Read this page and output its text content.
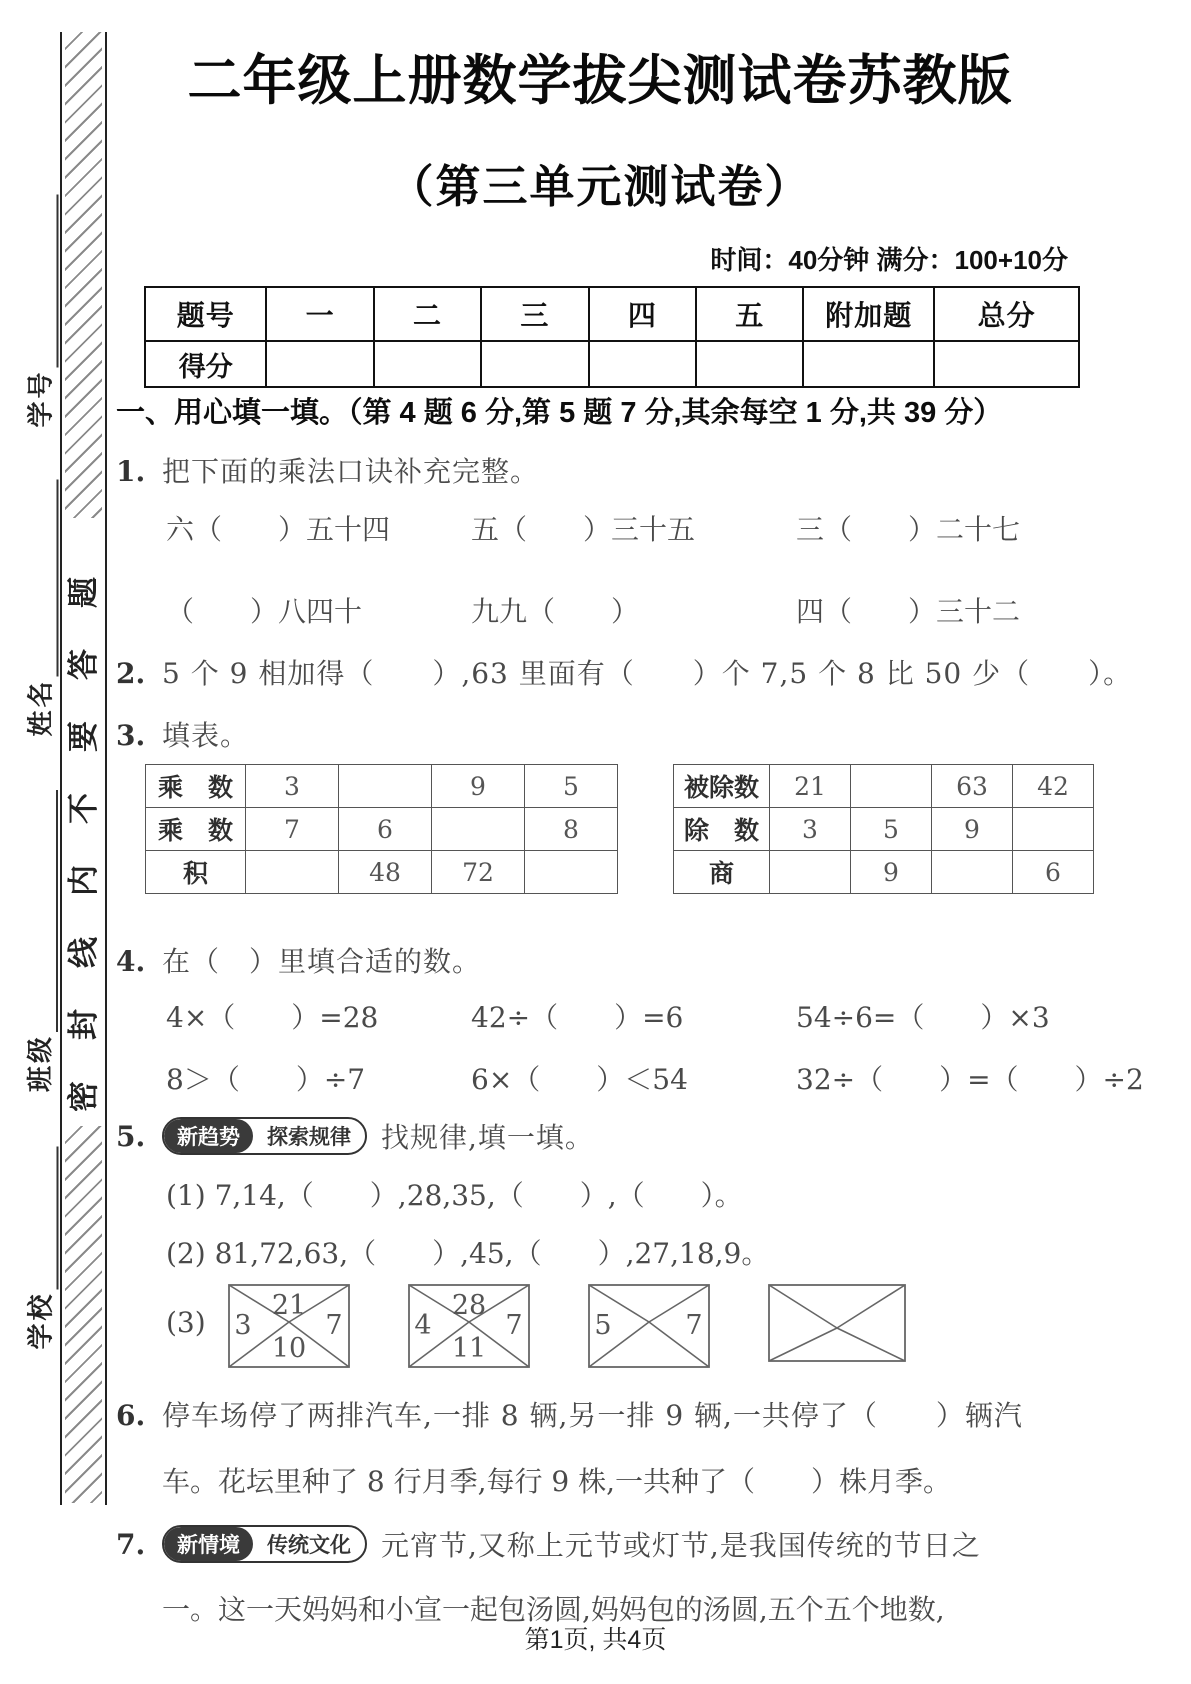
密封线内不要答题
学号
姓名
班级
学校
二年级上册数学拔尖测试卷苏教版
（第三单元测试卷）
时间：40分钟 满分：100+10分
题号	一	二	三	四	五	附加题	总分
得分							
一、用心填一填。（第 4 题 6 分,第 5 题 7 分,其余每空 1 分,共 39 分）
1. 把下面的乘法口诀补充完整。
六（　　）五十四	五（　　）三十五	三（　　）二十七
（　　）八四十	九九（　　）	四（　　）三十二
2. 5 个 9 相加得（　　）,63 里面有（　　）个 7,5 个 8 比 50 少（　　）。
3. 填表。
乘　数	3		9	5
乘　数	7	6		8
积		48	72	
被除数	21		63	42
除　数	3	5	9	
商		9		6
4. 在（　）里填合适的数。
4×（　　）=28	42÷（　　）=6	54÷6=（　　）×3
8＞（　　）÷7	6×（　　）＜54	32÷（　　）=（　　）÷2
5.	新趋势	探索规律	找规律,填一填。
(1) 7,14,（　　）,28,35,（　　）,（　　）。
(2) 81,72,63,（　　）,45,（　　）,27,18,9。
(3)
21
3	7
10
28
4	7
11
5	7
6. 停车场停了两排汽车,一排 8 辆,另一排 9 辆,一共停了（　　）辆汽
车。花坛里种了 8 行月季,每行 9 株,一共种了（　　）株月季。
7.	新情境	传统文化	元宵节,又称上元节或灯节,是我国传统的节日之
一。这一天妈妈和小宣一起包汤圆,妈妈包的汤圆,五个五个地数,
第1页, 共4页
